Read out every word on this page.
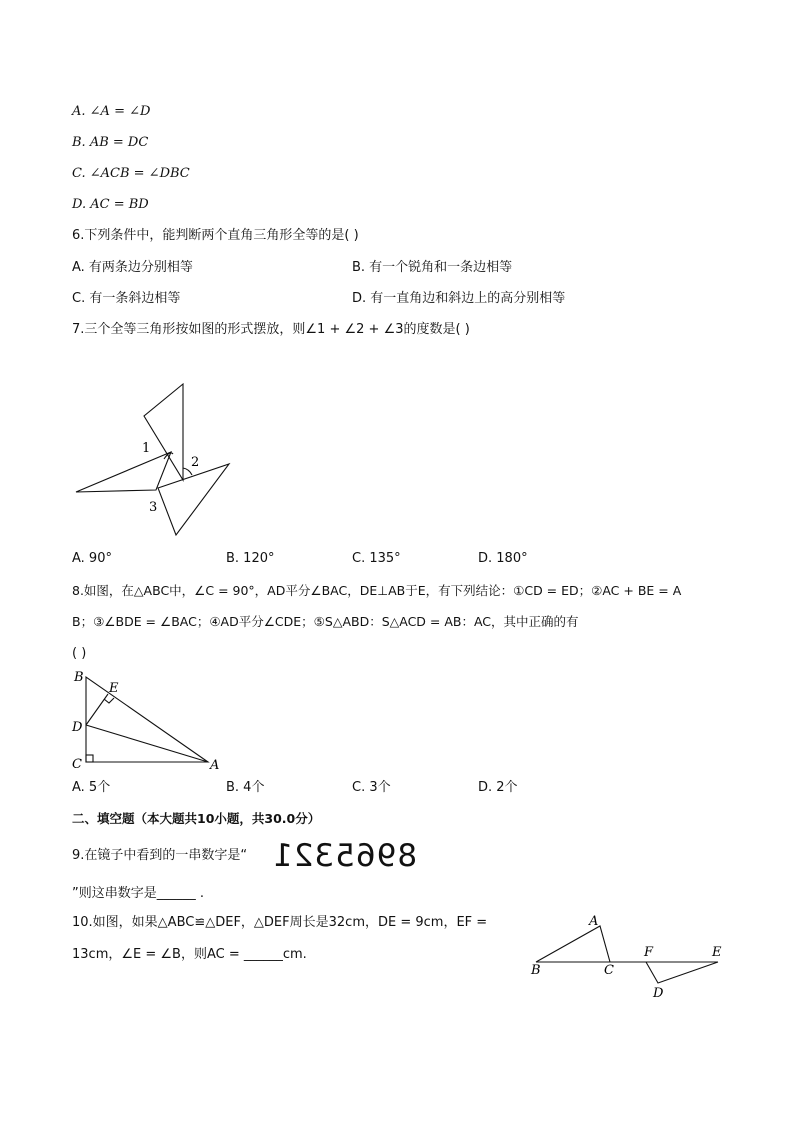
A. ∠A = ∠D
B. AB = DC
C. ∠ACB = ∠DBC
D. AC = BD
6.下列条件中，能判断两个直角三角形全等的是( )
A. 有两条边分别相等	B. 有一个锐角和一条边相等
C. 有一条斜边相等	D. 有一直角边和斜边上的高分别相等
7.三个全等三角形按如图的形式摆放，则∠1 + ∠2 + ∠3的度数是( )
1
2
3
A. 90°	B. 120°	C. 135°	D. 180°
8.如图，在△ABC中，∠C = 90°，AD平分∠BAC，DE⊥AB于E，有下列结论：①CD = ED；②AC + BE = A
B；③∠BDE = ∠BAC；④AD平分∠CDE；⑤S△ABD：S△ACD = AB：AC，其中正确的有
( )
B
E
D
C	A
A. 5个	B. 4个	C. 3个	D. 2个
二、填空题（本大题共10小题，共30.0分）
9.在镜子中看到的一串数字是“ 8965321
”则这串数字是______ .
10.如图，如果△ABC≌△DEF，△DEF周长是32cm，DE = 9cm，EF =
13cm，∠E = ∠B，则AC = ______cm.
A
B	C
F	E
D
